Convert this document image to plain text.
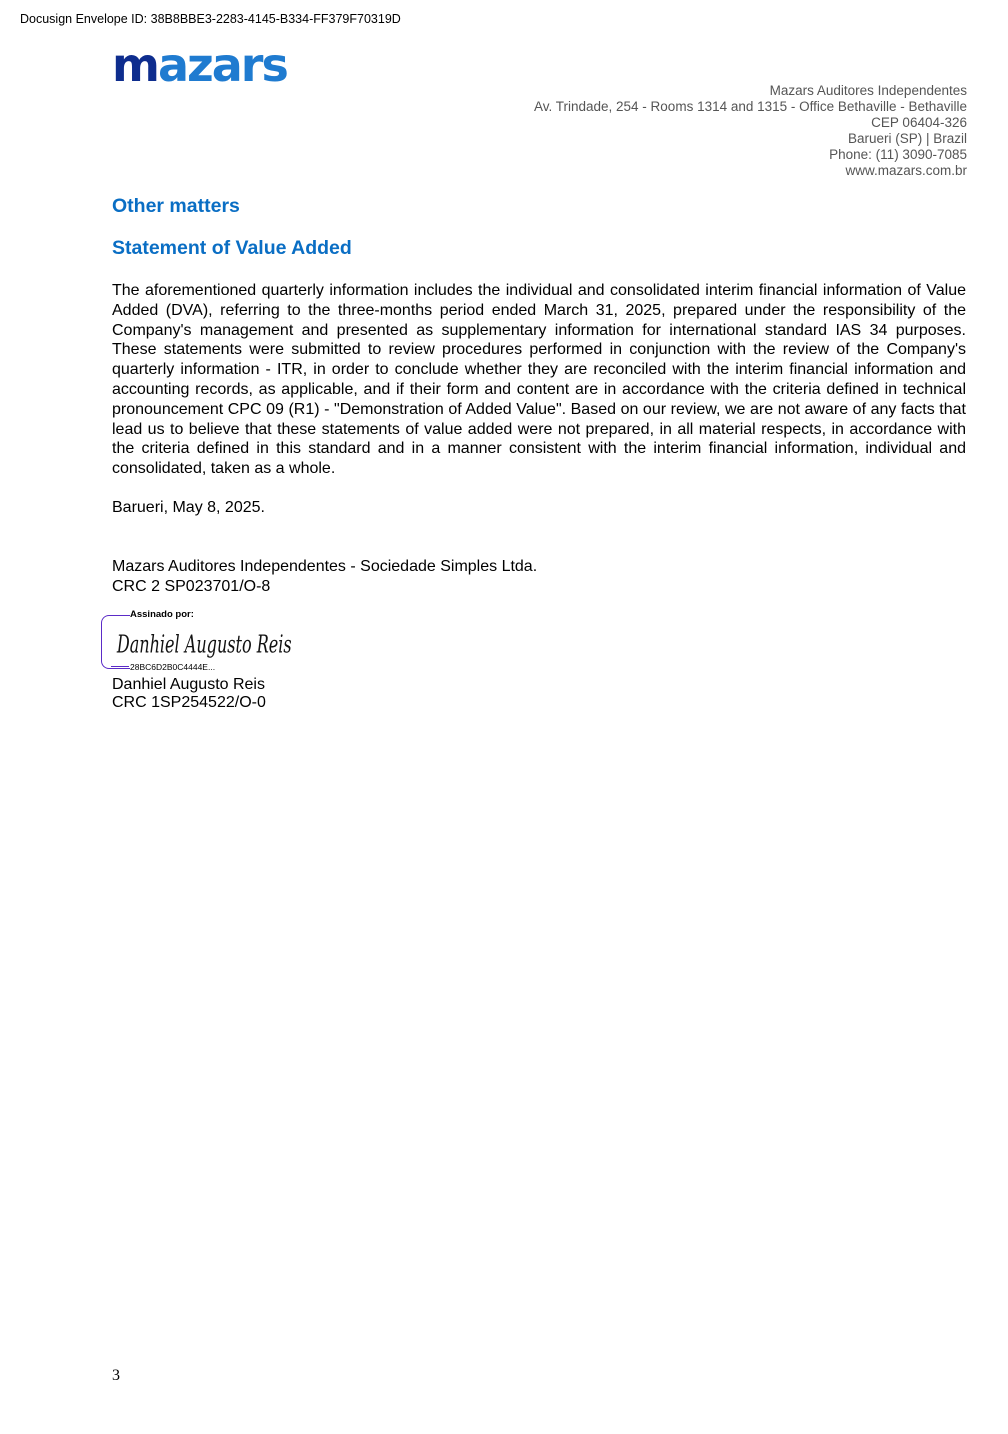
Docusign Envelope ID: 38B8BBE3-2283-4145-B334-FF379F70319D
mazars	Mazars Auditores Independentes
Av. Trindade, 254 - Rooms 1314 and 1315 - Office Bethaville - Bethaville
CEP 06404-326
Barueri (SP) | Brazil
Phone: (11) 3090-7085
www.mazars.com.br
Other matters
Statement of Value Added
The aforementioned quarterly information includes the individual and consolidated interim financial information of Value Added (DVA), referring to the three-months period ended March 31, 2025, prepared under the responsibility of the Company's management and presented as supplementary information for international standard IAS 34 purposes. These statements were submitted to review procedures performed in conjunction with the review of the Company's quarterly information - ITR, in order to conclude whether they are reconciled with the interim financial information and accounting records, as applicable, and if their form and content are in accordance with the criteria defined in technical pronouncement CPC 09 (R1) - "Demonstration of Added Value". Based on our review, we are not aware of any facts that lead us to believe that these statements of value added were not prepared, in all material respects, in accordance with the criteria defined in this standard and in a manner consistent with the interim financial information, individual and consolidated, taken as a whole.
Barueri, May 8, 2025.
Mazars Auditores Independentes - Sociedade Simples Ltda.
CRC 2 SP023701/O-8
Assinado por:
Danhiel Augusto Reis
28BC6D2B0C4444E...
Danhiel Augusto Reis
CRC 1SP254522/O-0
3
